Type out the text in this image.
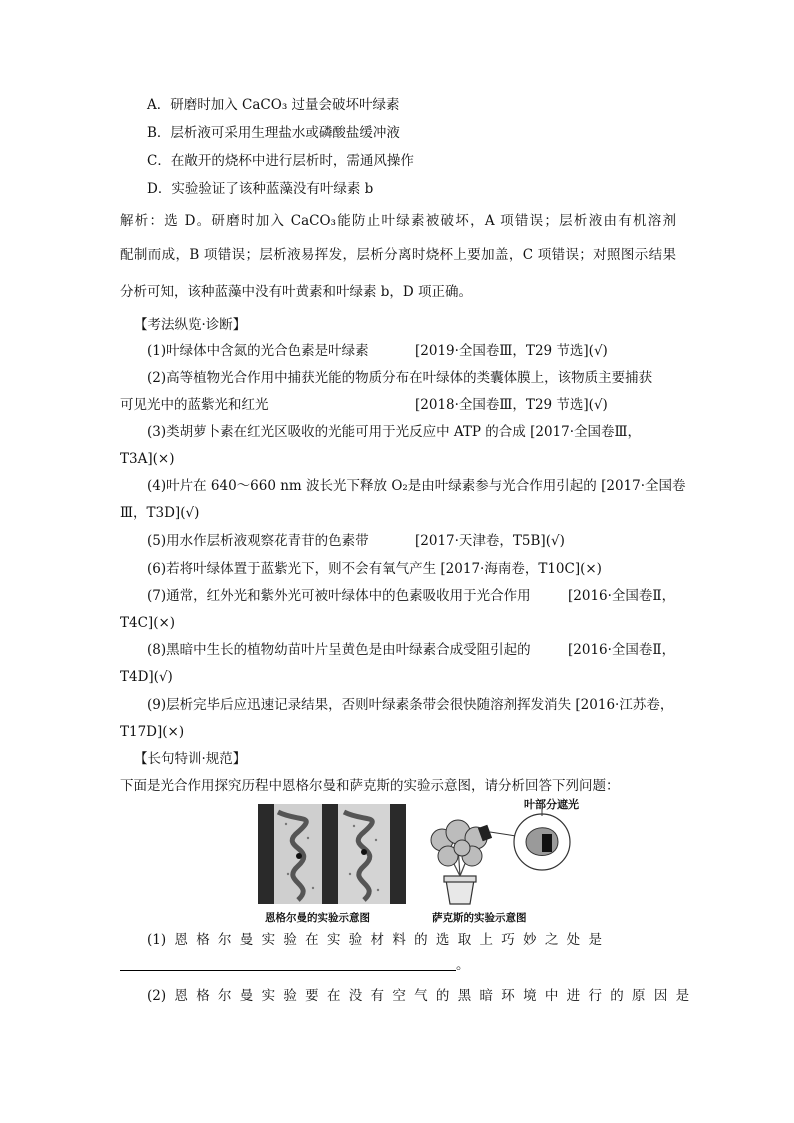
A．研磨时加入 CaCO₃ 过量会破坏叶绿素
B．层析液可采用生理盐水或磷酸盐缓冲液
C．在敞开的烧杯中进行层析时，需通风操作
D．实验验证了该种蓝藻没有叶绿素 b
解析：选 D。研磨时加入 CaCO₃能防止叶绿素被破坏，A 项错误；层析液由有机溶剂
配制而成，B 项错误；层析液易挥发，层析分离时烧杯上要加盖，C 项错误；对照图示结果
分析可知，该种蓝藻中没有叶黄素和叶绿素 b，D 项正确。
【考法纵览·诊断】
(1)叶绿体中含氮的光合色素是叶绿素	[2019·全国卷Ⅲ，T29 节选](√)
(2)高等植物光合作用中捕获光能的物质分布在叶绿体的类囊体膜上，该物质主要捕获
可见光中的蓝紫光和红光	[2018·全国卷Ⅲ，T29 节选](√)
(3)类胡萝卜素在红光区吸收的光能可用于光反应中 ATP 的合成 [2017·全国卷Ⅲ，
T3A](×)
(4)叶片在 640～660 nm 波长光下释放 O₂是由叶绿素参与光合作用引起的 [2017·全国卷
Ⅲ，T3D](√)
(5)用水作层析液观察花青苷的色素带	[2017·天津卷，T5B](√)
(6)若将叶绿体置于蓝紫光下，则不会有氧气产生 [2017·海南卷，T10C](×)
(7)通常，红外光和紫外光可被叶绿体中的色素吸收用于光合作用	[2016·全国卷Ⅱ，
T4C](×)
(8)黑暗中生长的植物幼苗叶片呈黄色是由叶绿素合成受阻引起的	[2016·全国卷Ⅱ，
T4D](√)
(9)层析完毕后应迅速记录结果，否则叶绿素条带会很快随溶剂挥发消失 [2016·江苏卷，
T17D](×)
【长句特训·规范】
下面是光合作用探究历程中恩格尔曼和萨克斯的实验示意图，请分析回答下列问题：
恩格尔曼的实验示意图
叶部分遮光
萨克斯的实验示意图
(1) 恩 格 尔 曼 实 验 在 实 验 材 料 的 选 取 上 巧 妙 之 处 是
。
(2) 恩 格 尔 曼 实 验 要 在 没 有 空 气 的 黑 暗 环 境 中 进 行 的 原 因 是
